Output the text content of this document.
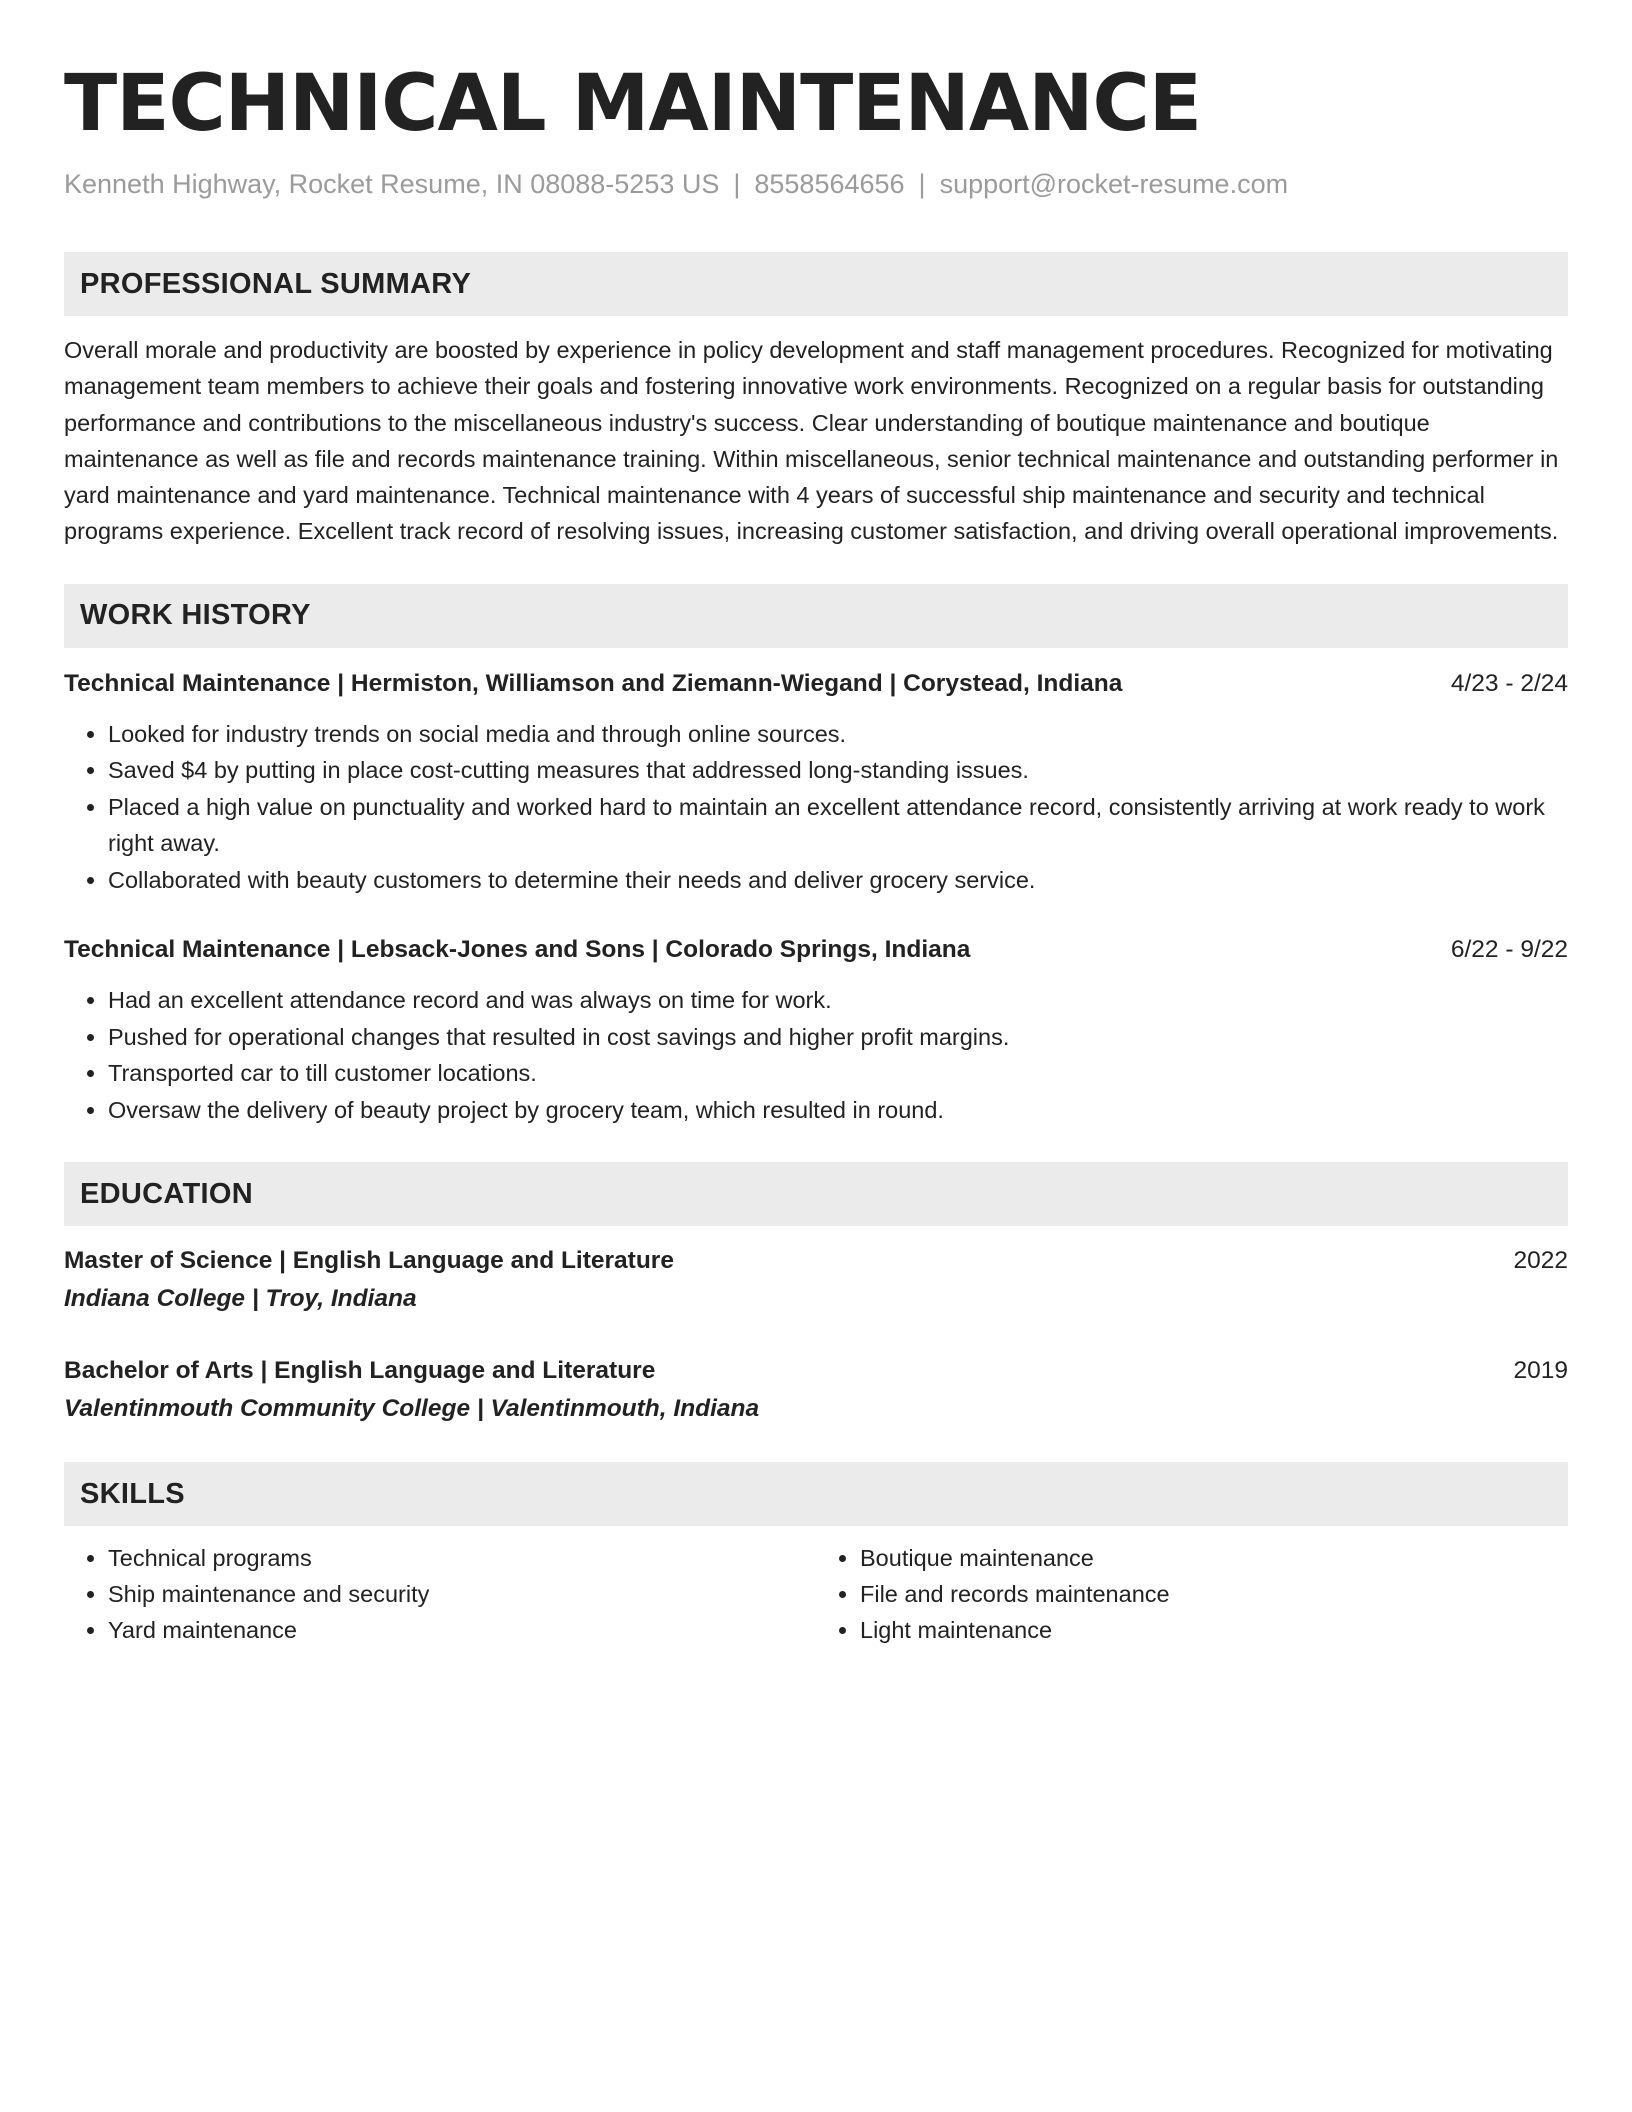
TECHNICAL MAINTENANCE
Kenneth Highway, Rocket Resume, IN 08088-5253 US | 8558564656 | support@rocket-resume.com
PROFESSIONAL SUMMARY
Overall morale and productivity are boosted by experience in policy development and staff management procedures. Recognized for motivating management team members to achieve their goals and fostering innovative work environments. Recognized on a regular basis for outstanding performance and contributions to the miscellaneous industry's success. Clear understanding of boutique maintenance and boutique maintenance as well as file and records maintenance training. Within miscellaneous, senior technical maintenance and outstanding performer in yard maintenance and yard maintenance. Technical maintenance with 4 years of successful ship maintenance and security and technical programs experience. Excellent track record of resolving issues, increasing customer satisfaction, and driving overall operational improvements.
WORK HISTORY
Technical Maintenance | Hermiston, Williamson and Ziemann-Wiegand | Corystead, Indiana	4/23 - 2/24
• Looked for industry trends on social media and through online sources.
• Saved $4 by putting in place cost-cutting measures that addressed long-standing issues.
• Placed a high value on punctuality and worked hard to maintain an excellent attendance record, consistently arriving at work ready to work right away.
• Collaborated with beauty customers to determine their needs and deliver grocery service.
Technical Maintenance | Lebsack-Jones and Sons | Colorado Springs, Indiana	6/22 - 9/22
• Had an excellent attendance record and was always on time for work.
• Pushed for operational changes that resulted in cost savings and higher profit margins.
• Transported car to till customer locations.
• Oversaw the delivery of beauty project by grocery team, which resulted in round.
EDUCATION
Master of Science | English Language and Literature	2022
Indiana College | Troy, Indiana
Bachelor of Arts | English Language and Literature	2019
Valentinmouth Community College | Valentinmouth, Indiana
SKILLS
• Technical programs
• Ship maintenance and security
• Yard maintenance
• Boutique maintenance
• File and records maintenance
• Light maintenance
